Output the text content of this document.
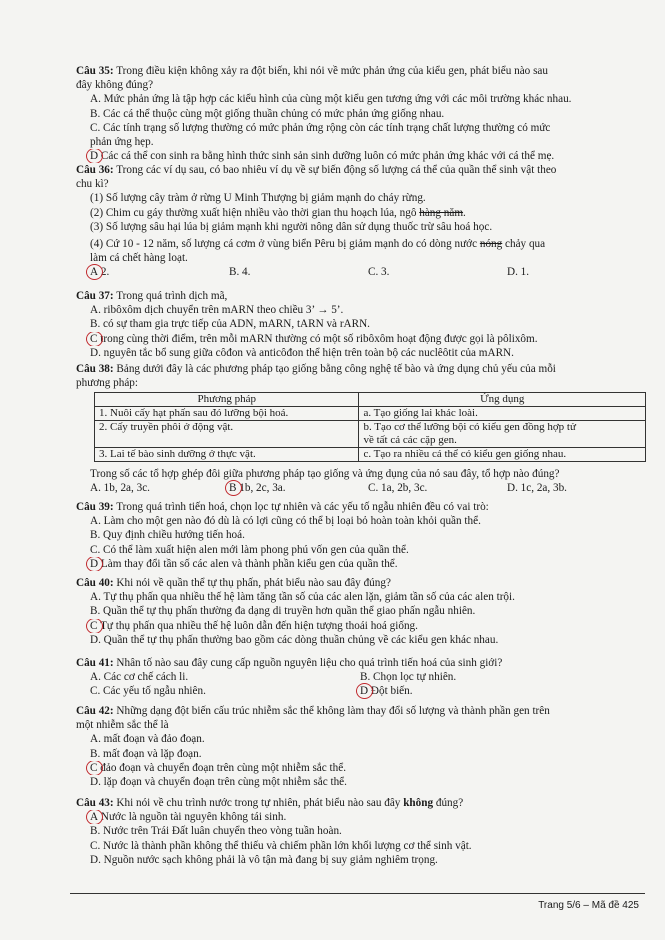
Câu 35: Trong điều kiện không xảy ra đột biến, khi nói về mức phản ứng của kiểu gen, phát biểu nào sau
đây không đúng?
A. Mức phản ứng là tập hợp các kiểu hình của cùng một kiểu gen tương ứng với các môi trường khác nhau.
B. Các cá thể thuộc cùng một giống thuần chủng có mức phản ứng giống nhau.
C. Các tính trạng số lượng thường có mức phản ứng rộng còn các tính trạng chất lượng thường có mức
phản ứng hẹp.
D Các cá thể con sinh ra bằng hình thức sinh sản sinh dưỡng luôn có mức phản ứng khác với cá thể mẹ.
Câu 36: Trong các ví dụ sau, có bao nhiêu ví dụ về sự biến động số lượng cá thể của quần thể sinh vật theo
chu kì?
(1) Số lượng cây tràm ở rừng U Minh Thượng bị giảm mạnh do cháy rừng.
(2) Chim cu gáy thường xuất hiện nhiều vào thời gian thu hoạch lúa, ngô hàng năm.
(3) Số lượng sâu hại lúa bị giảm mạnh khi người nông dân sử dụng thuốc trừ sâu hoá học.
(4) Cứ 10 - 12 năm, số lượng cá cơm ở vùng biển Pêru bị giảm mạnh do có dòng nước nóng chảy qua
làm cá chết hàng loạt.
A 2.	B. 4.	C. 3.	D. 1.
Câu 37: Trong quá trình dịch mã,
A. ribôxôm dịch chuyển trên mARN theo chiều 3’ → 5’.
B. có sự tham gia trực tiếp của ADN, mARN, tARN và rARN.
C trong cùng thời điểm, trên mỗi mARN thường có một số ribôxôm hoạt động được gọi là pôlixôm.
D. nguyên tắc bổ sung giữa côđon và anticôđon thể hiện trên toàn bộ các nuclêôtit của mARN.
Câu 38: Bảng dưới đây là các phương pháp tạo giống bằng công nghệ tế bào và ứng dụng chủ yếu của mỗi
phương pháp:
Phương pháp	Ứng dụng
1. Nuôi cấy hạt phấn sau đó lưỡng bội hoá.	a. Tạo giống lai khác loài.
2. Cấy truyền phôi ở động vật.	b. Tạo cơ thể lưỡng bội có kiểu gen đồng hợp tử
về tất cả các cặp gen.

3. Lai tế bào sinh dưỡng ở thực vật.	c. Tạo ra nhiều cá thể có kiểu gen giống nhau.
Trong số các tổ hợp ghép đôi giữa phương pháp tạo giống và ứng dụng của nó sau đây, tổ hợp nào đúng?
A. 1b, 2a, 3c.	B 1b, 2c, 3a.	C. 1a, 2b, 3c.	D. 1c, 2a, 3b.
Câu 39: Trong quá trình tiến hoá, chọn lọc tự nhiên và các yếu tố ngẫu nhiên đều có vai trò:
A. Làm cho một gen nào đó dù là có lợi cũng có thể bị loại bỏ hoàn toàn khỏi quần thể.
B. Quy định chiều hướng tiến hoá.
C. Có thể làm xuất hiện alen mới làm phong phú vốn gen của quần thể.
D Làm thay đổi tần số các alen và thành phần kiểu gen của quần thể.
Câu 40: Khi nói về quần thể tự thụ phấn, phát biểu nào sau đây đúng?
A. Tự thụ phấn qua nhiều thế hệ làm tăng tần số của các alen lặn, giảm tần số của các alen trội.
B. Quần thể tự thụ phấn thường đa dạng di truyền hơn quần thể giao phấn ngẫu nhiên.
C Tự thụ phấn qua nhiều thế hệ luôn dẫn đến hiện tượng thoái hoá giống.
D. Quần thể tự thụ phấn thường bao gồm các dòng thuần chủng về các kiểu gen khác nhau.
Câu 41: Nhân tố nào sau đây cung cấp nguồn nguyên liệu cho quá trình tiến hoá của sinh giới?
A. Các cơ chế cách li.	B. Chọn lọc tự nhiên.
C. Các yếu tố ngẫu nhiên.	D Đột biến.
Câu 42: Những dạng đột biến cấu trúc nhiễm sắc thể không làm thay đổi số lượng và thành phần gen trên
một nhiễm sắc thể là
A. mất đoạn và đảo đoạn.
B. mất đoạn và lặp đoạn.
C đảo đoạn và chuyển đoạn trên cùng một nhiễm sắc thể.
D. lặp đoạn và chuyển đoạn trên cùng một nhiễm sắc thể.
Câu 43: Khi nói về chu trình nước trong tự nhiên, phát biểu nào sau đây không đúng?
A Nước là nguồn tài nguyên không tái sinh.
B. Nước trên Trái Đất luân chuyển theo vòng tuần hoàn.
C. Nước là thành phần không thể thiếu và chiếm phần lớn khối lượng cơ thể sinh vật.
D. Nguồn nước sạch không phải là vô tận mà đang bị suy giảm nghiêm trọng.
Trang 5/6 – Mã đề 425
